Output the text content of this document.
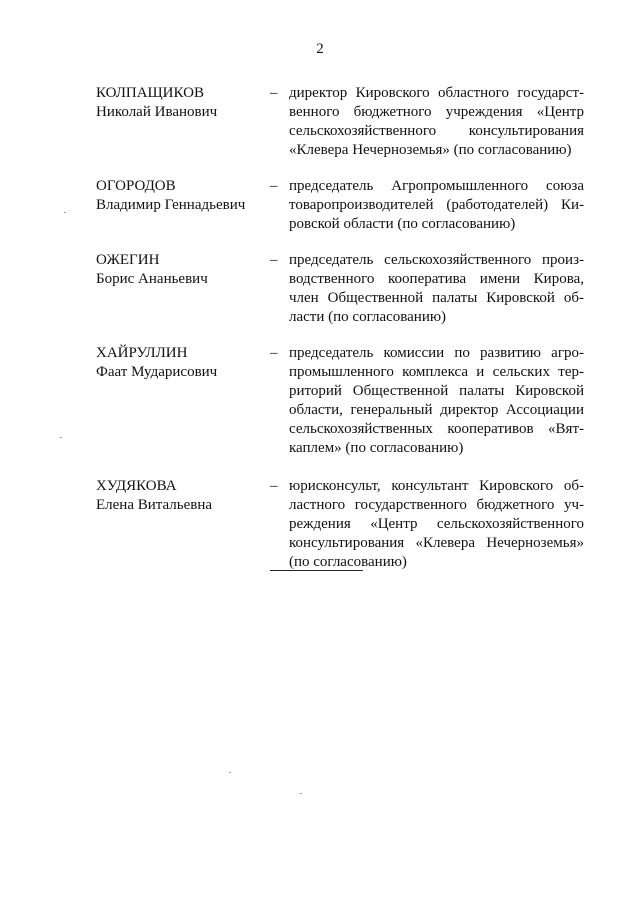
2
КОЛПАЩИКОВ
Николай Иванович
– директор Кировского областного государст-
венного бюджетного учреждения «Центр
сельскохозяйственного консультирования
«Клевера Нечерноземья» (по согласованию)
ОГОРОДОВ
Владимир Геннадьевич
– председатель Агропромышленного союза
товаропроизводителей (работодателей) Ки-
ровской области (по согласованию)
ОЖЕГИН
Борис Ананьевич
– председатель сельскохозяйственного произ-
водственного кооператива имени Кирова,
член Общественной палаты Кировской об-
ласти (по согласованию)
ХАЙРУЛЛИН
Фаат Мударисович
– председатель комиссии по развитию агро-
промышленного комплекса и сельских тер-
риторий Общественной палаты Кировской
области, генеральный директор Ассоциации
сельскохозяйственных кооперативов «Вят-
каплем» (по согласованию)
ХУДЯКОВА
Елена Витальевна
– юрисконсульт, консультант Кировского об-
ластного государственного бюджетного уч-
реждения «Центр сельскохозяйственного
консультирования «Клевера Нечерноземья»
(по согласованию)
